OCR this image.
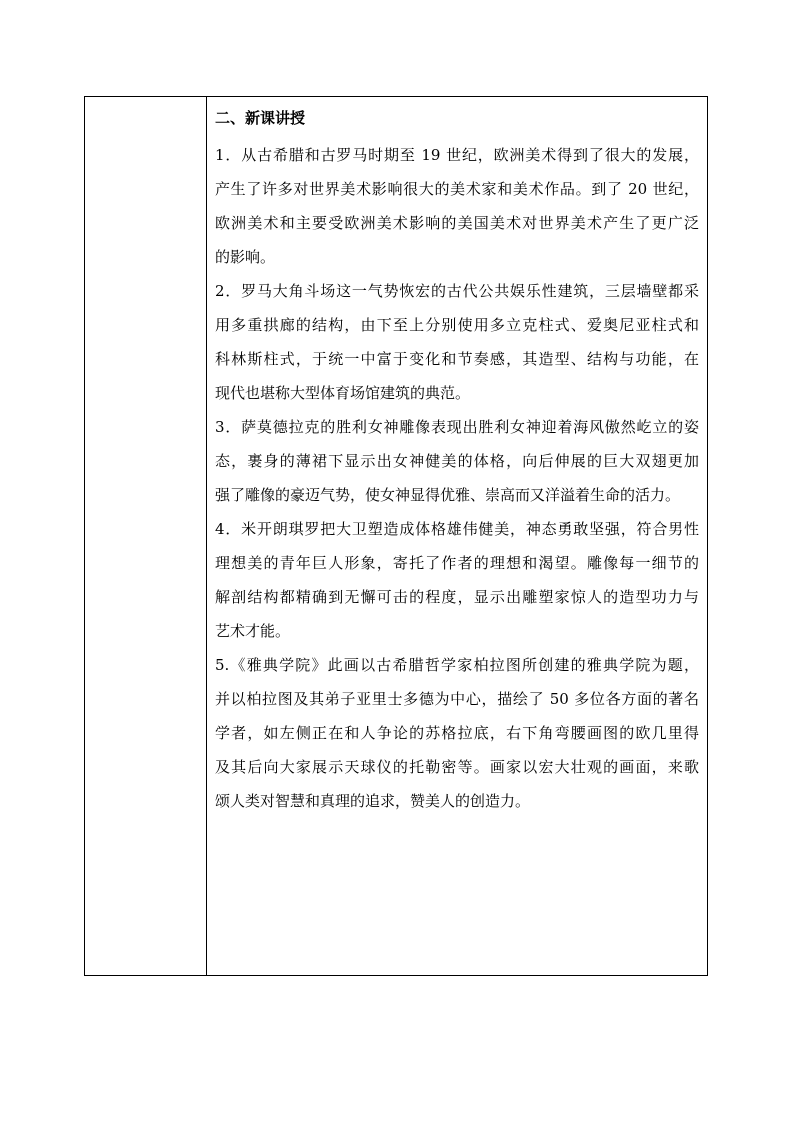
二、新课讲授

1．从古希腊和古罗马时期至 19 世纪，欧洲美术得到了很大的发展，
产生了许多对世界美术影响很大的美术家和美术作品。到了 20 世纪，
欧洲美术和主要受欧洲美术影响的美国美术对世界美术产生了更广泛
的影响。

2．罗马大角斗场这一气势恢宏的古代公共娱乐性建筑，三层墙壁都采
用多重拱廊的结构，由下至上分别使用多立克柱式、爱奥尼亚柱式和
科林斯柱式，于统一中富于变化和节奏感，其造型、结构与功能，在
现代也堪称大型体育场馆建筑的典范。

3．萨莫德拉克的胜利女神雕像表现出胜利女神迎着海风傲然屹立的姿
态，裹身的薄裙下显示出女神健美的体格，向后伸展的巨大双翅更加
强了雕像的豪迈气势，使女神显得优雅、崇高而又洋溢着生命的活力。

4．米开朗琪罗把大卫塑造成体格雄伟健美，神态勇敢坚强，符合男性
理想美的青年巨人形象，寄托了作者的理想和渴望。雕像每一细节的
解剖结构都精确到无懈可击的程度，显示出雕塑家惊人的造型功力与
艺术才能。

5.《雅典学院》此画以古希腊哲学家柏拉图所创建的雅典学院为题，
并以柏拉图及其弟子亚里士多德为中心，描绘了 50 多位各方面的著名
学者，如左侧正在和人争论的苏格拉底，右下角弯腰画图的欧几里得
及其后向大家展示天球仪的托勒密等。画家以宏大壮观的画面，来歌
颂人类对智慧和真理的追求，赞美人的创造力。
